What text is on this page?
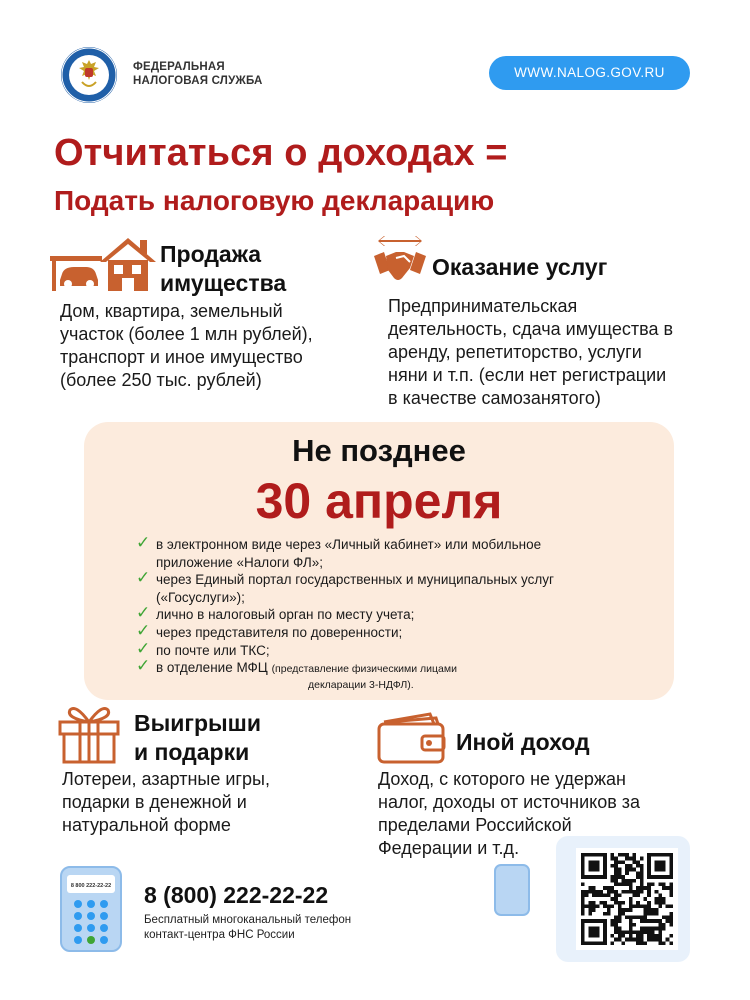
ФЕДЕРАЛЬНАЯ
НАЛОГОВАЯ СЛУЖБА
WWW.NALOG.GOV.RU
Отчитаться о доходах =
Подать налоговую декларацию
Продажа
имущества
Дом, квартира, земельный
участок (более 1 млн рублей),
транспорт и иное имущество
(более 250 тыс. рублей)
Оказание услуг
Предпринимательская
деятельность, сдача имущества в
аренду, репетиторство, услуги
няни и т.п. (если нет регистрации
в качестве самозанятого)
Не позднее
30 апреля
✓ в электронном виде через «Личный кабинет» или мобильное
приложение «Налоги ФЛ»;
✓ через Единый портал государственных и муниципальных услуг
(«Госуслуги»);
✓ лично в налоговый орган по месту учета;
✓ через представителя по доверенности;
✓ по почте или ТКС;
✓ в отделение МФЦ (представление физическими лицами
декларации 3-НДФЛ).
Выигрыши
и подарки
Лотереи, азартные игры,
подарки в денежной и
натуральной форме
Иной доход
Доход, с которого не удержан
налог, доходы от источников за
пределами Российской
Федерации и т.д.
8 800 222-22-22 8 (800) 222-22-22
Бесплатный многоканальный телефон
контакт-центра ФНС России
